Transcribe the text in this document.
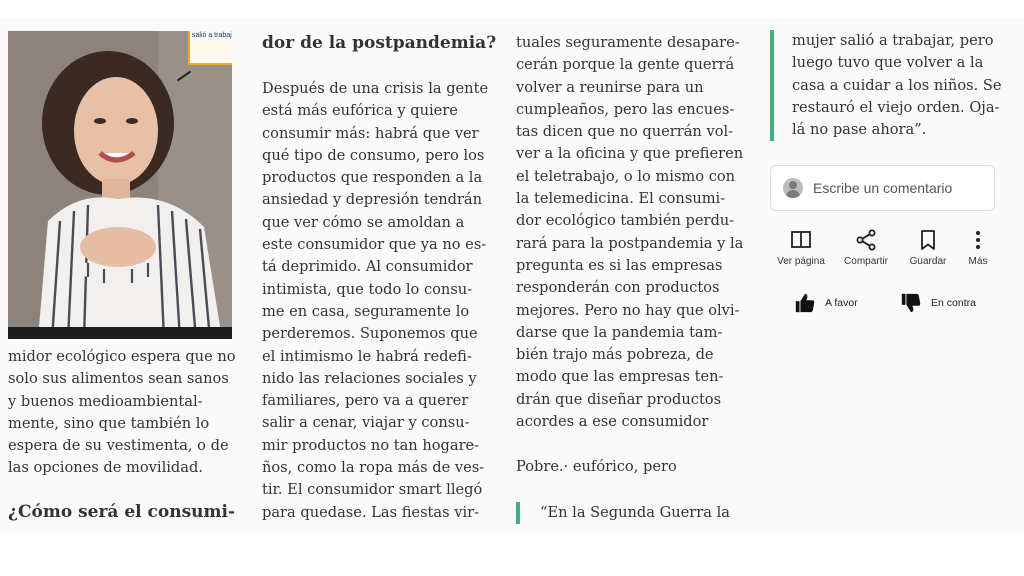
salió a trabaj
midor ecológico espera que no
solo sus alimentos sean sanos
y buenos medioambiental-
mente, sino que también lo
espera de su vestimenta, o de
las opciones de movilidad.
¿Cómo será el consumi-
dor de la postpandemia?
Después de una crisis la gente
está más eufórica y quiere
consumir más: habrá que ver
qué tipo de consumo, pero los
productos que responden a la
ansiedad y depresión tendrán
que ver cómo se amoldan a
este consumidor que ya no es-
tá deprimido. Al consumidor
intimista, que todo lo consu-
me en casa, seguramente lo
perderemos. Suponemos que
el intimismo le habrá redefi-
nido las relaciones sociales y
familiares, pero va a querer
salir a cenar, viajar y consu-
mir productos no tan hogare-
ños, como la ropa más de ves-
tir. El consumidor smart llegó
para quedase. Las fiestas vir-
tuales seguramente desapare-
cerán porque la gente querrá
volver a reunirse para un
cumpleaños, pero las encues-
tas dicen que no querrán vol-
ver a la oficina y que prefieren
el teletrabajo, o lo mismo con
la telemedicina. El consumi-
dor ecológico también perdu-
rará para la postpandemia y la
pregunta es si las empresas
responderán con productos
mejores. Pero no hay que olvi-
darse que la pandemia tam-
bién trajo más pobreza, de
modo que las empresas ten-
drán que diseñar productos
acordes a ese consumidor
Pobre.· eufórico, pero
“En la Segunda Guerra la
mujer salió a trabajar, pero
luego tuvo que volver a la
casa a cuidar a los niños. Se
restauró el viejo orden. Oja-
lá no pase ahora”.
Escribe un comentario
Ver página Compartir Guardar Más
A favor	En contra
